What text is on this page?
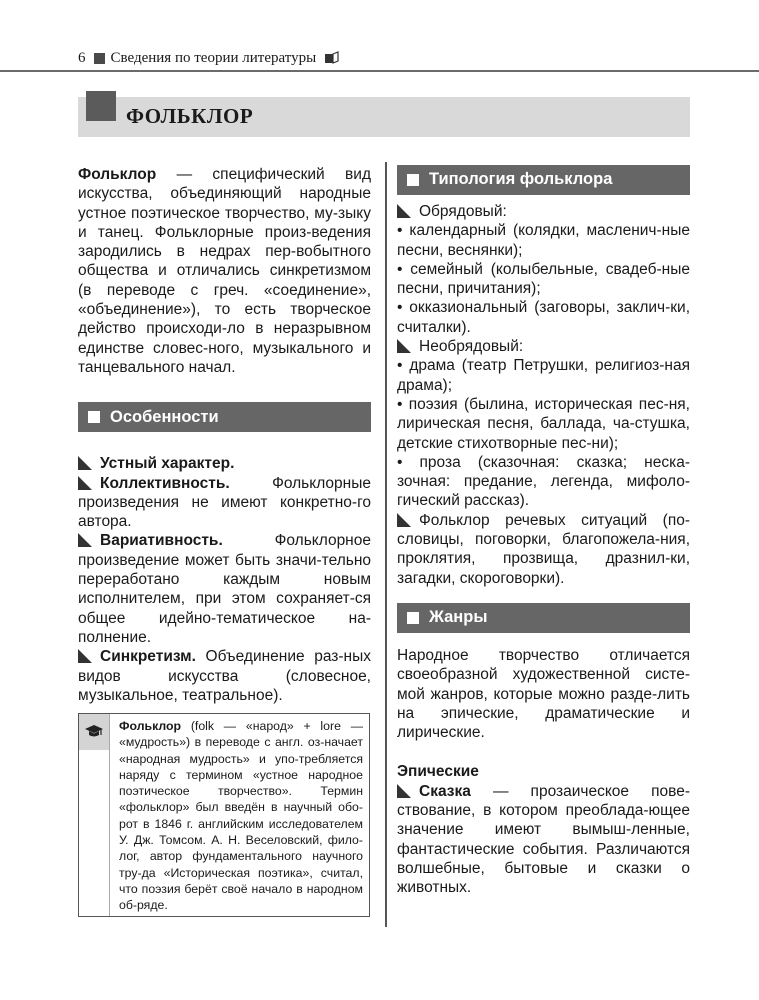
6 Сведения по теории литературы
ФОЛЬКЛОР

Фольклор — специфический вид искусства, объединяющий народные устное поэтическое творчество, му-зыку и танец. Фольклорные произ-ведения зародились в недрах пер-вобытного общества и отличались синкретизмом (в переводе с греч. «соединение», «объединение»), то есть творческое действо происходи-ло в неразрывном единстве словес-ного, музыкального и танцевального начал.

Особенности

Устный характер.

Коллективность. Фольклорные произведения не имеют конкретно-го автора.

Вариативность. Фольклорное произведение может быть значи-тельно переработано каждым новым исполнителем, при этом сохраняет-ся общее идейно-тематическое на-полнение.

Синкретизм. Объединение раз-ных видов искусства (словесное, музыкальное, театральное).

Фольклор (folk — «народ» + lore — «мудрость») в переводе с англ. оз-начает «народная мудрость» и упо-требляется наряду с термином «устное народное поэтическое творчество». Термин «фольклор» был введён в научный обо-рот в 1846 г. английским исследователем У. Дж. Томсом. А. Н. Веселовский, фило-лог, автор фундаментального научного тру-да «Историческая поэтика», считал, что поэзия берёт своё начало в народном об-ряде.
Типология фольклора

Обрядовый:

• календарный (колядки, масленич-ные песни, веснянки);

• семейный (колыбельные, свадеб-ные песни, причитания);

• окказиональный (заговоры, заклич-ки, считалки).

Необрядовый:

• драма (театр Петрушки, религиоз-ная драма);

• поэзия (былина, историческая пес-ня, лирическая песня, баллада, ча-стушка, детские стихотворные пес-ни);

• проза (сказочная: сказка; неска-зочная: предание, легенда, мифоло-гический рассказ).

Фольклор речевых ситуаций (по-словицы, поговорки, благопожела-ния, проклятия, прозвища, дразнил-ки, загадки, скороговорки).

Жанры

Народное творчество отличается своеобразной художественной систе-мой жанров, которые можно разде-лить на эпические, драматические и лирические.

Эпические

Сказка — прозаическое пове-ствование, в котором преоблада-ющее значение имеют вымыш-ленные, фантастические события. Различаются волшебные, бытовые и сказки о животных.
